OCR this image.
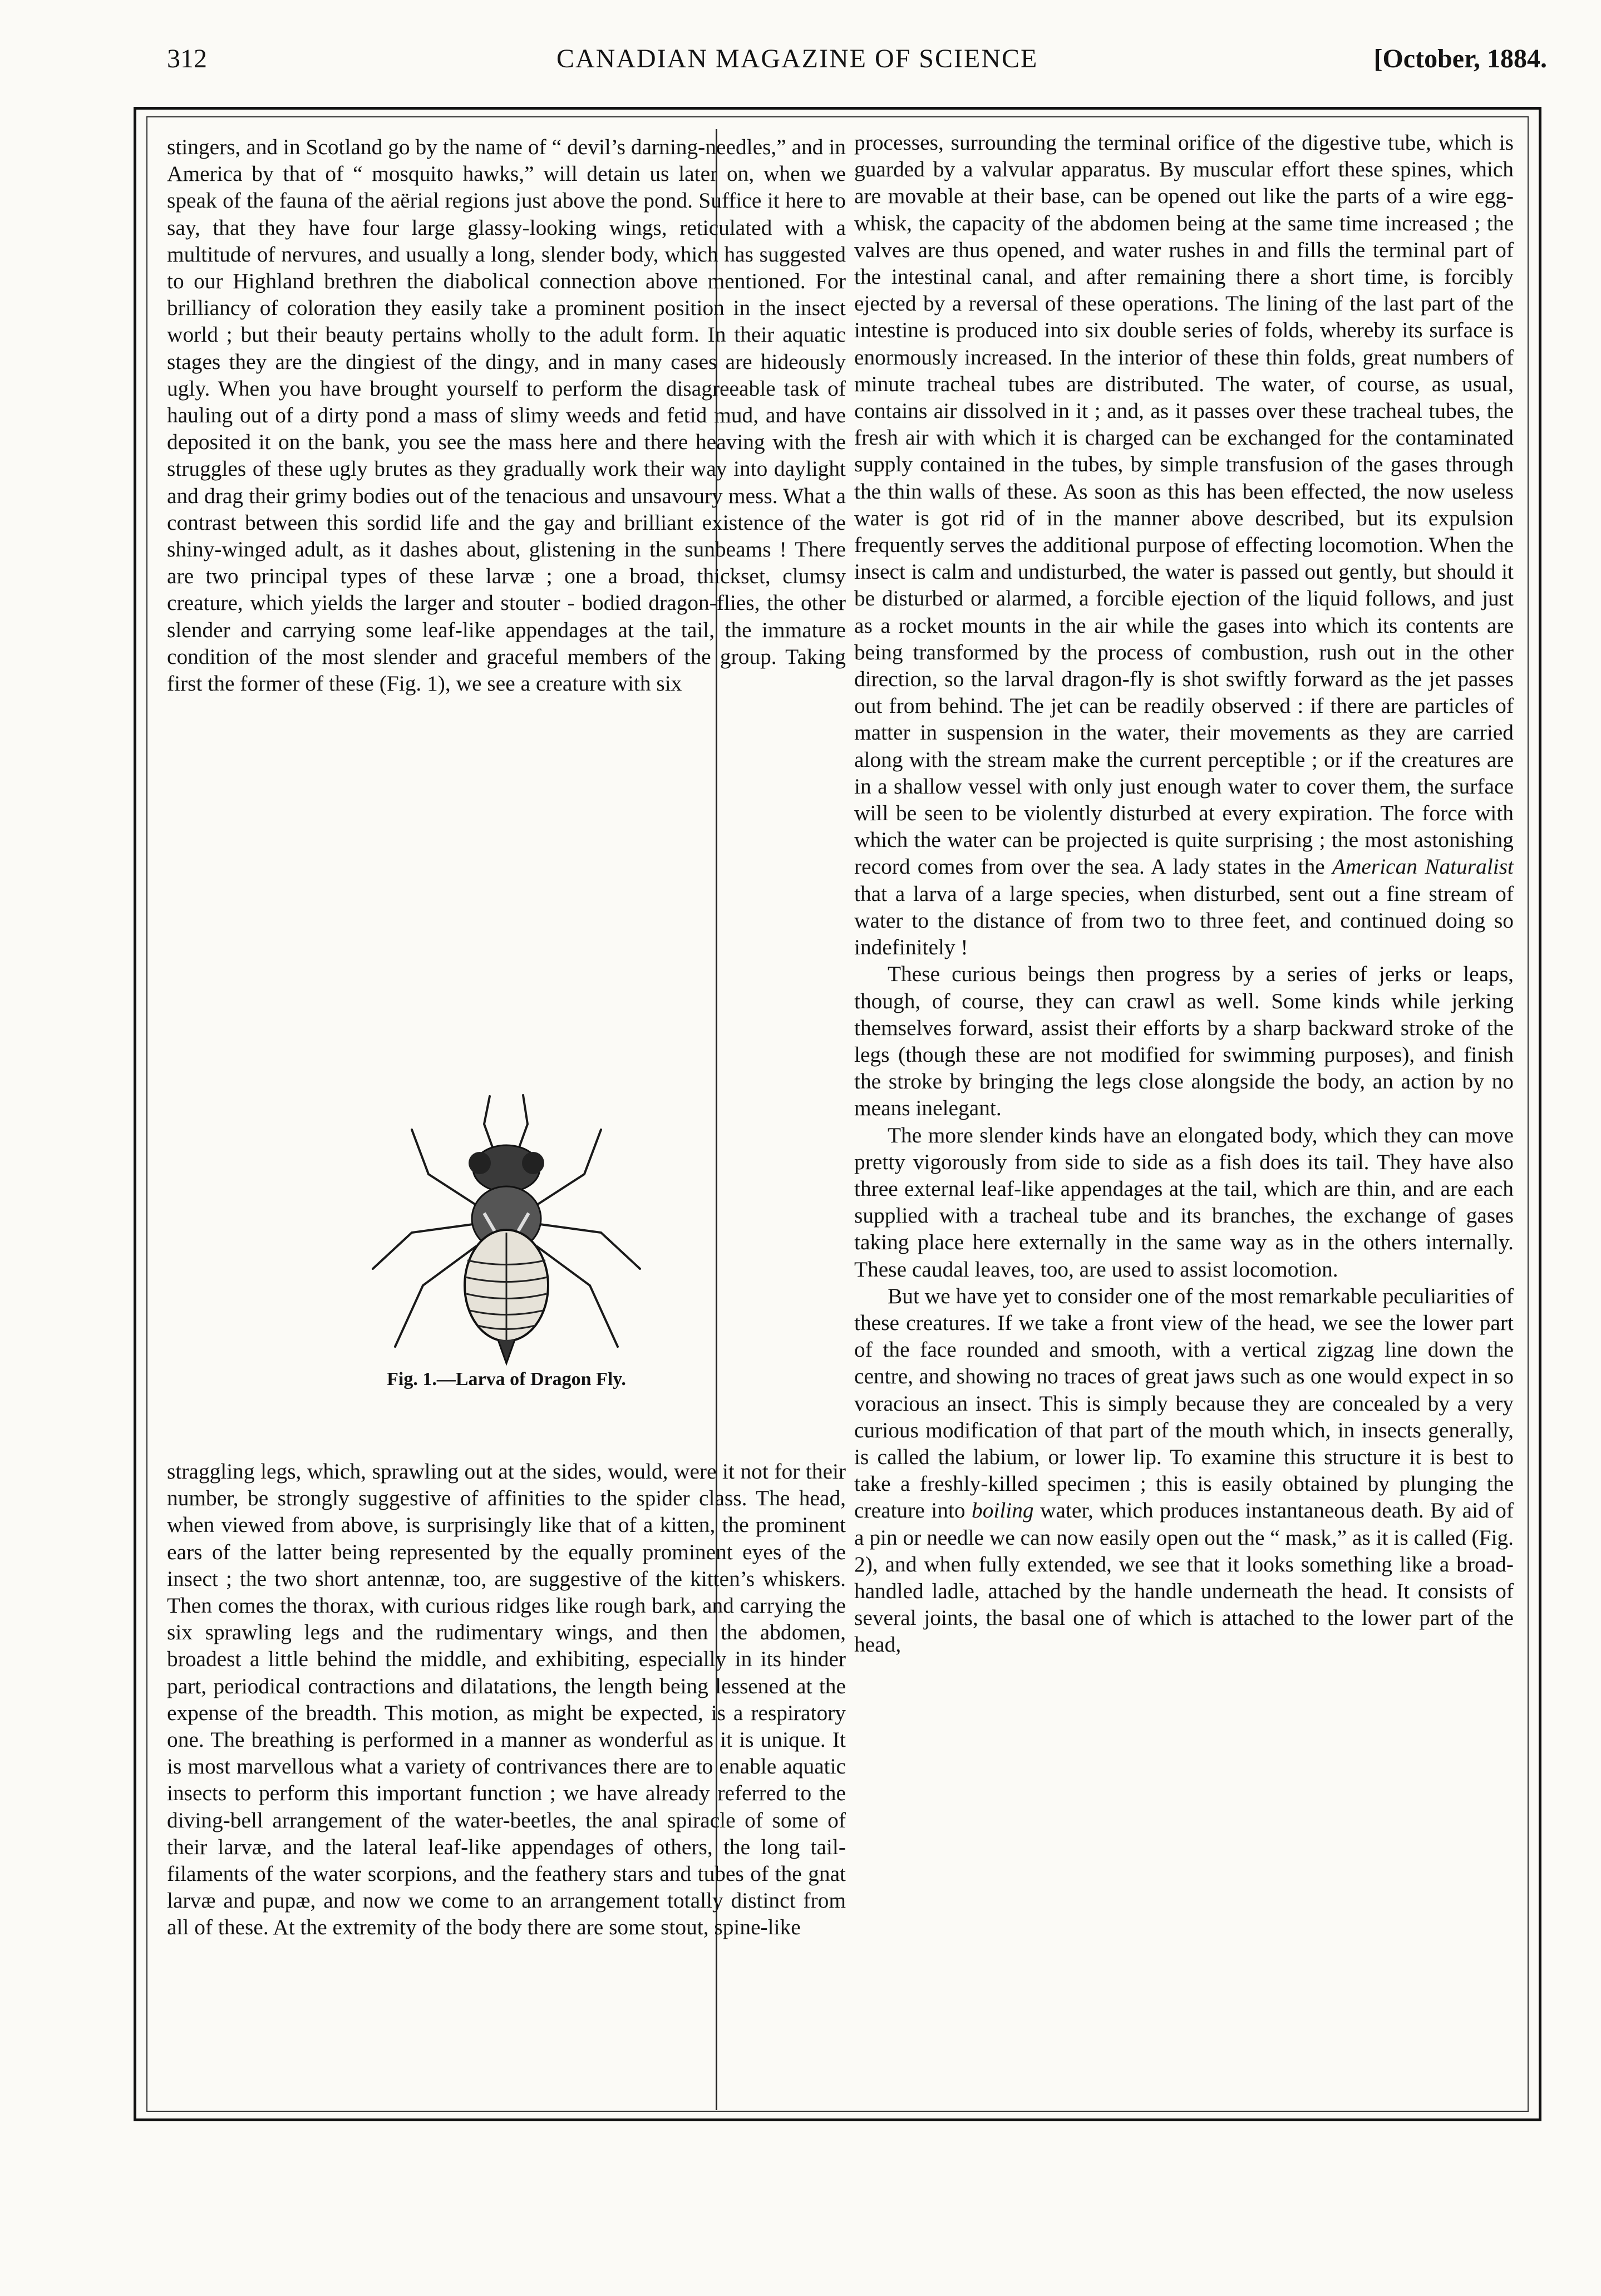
312	CANADIAN MAGAZINE OF SCIENCE	[October, 1884.

stingers, and in Scotland go by the name of “ devil’s darning-needles,” and in America by that of “ mosquito hawks,” will detain us later on, when we speak of the fauna of the aërial regions just above the pond. Suffice it here to say, that they have four large glassy-looking wings, reticulated with a multitude of nervures, and usually a long, slender body, which has suggested to our Highland brethren the diabolical connection above mentioned. For brilliancy of coloration they easily take a prominent position in the insect world ; but their beauty pertains wholly to the adult form. In their aquatic stages they are the dingiest of the dingy, and in many cases are hideously ugly. When you have brought yourself to perform the disagreeable task of hauling out of a dirty pond a mass of slimy weeds and fetid mud, and have deposited it on the bank, you see the mass here and there heaving with the struggles of these ugly brutes as they gradually work their way into daylight and drag their grimy bodies out of the tenacious and unsavoury mess. What a contrast between this sordid life and the gay and brilliant existence of the shiny-winged adult, as it dashes about, glistening in the sunbeams ! There are two principal types of these larvæ ; one a broad, thickset, clumsy creature, which yields the larger and stouter - bodied dragon-flies, the other slender and carrying some leaf-like appendages at the tail, the immature condition of the most slender and graceful members of the group. Taking first the former of these (Fig. 1), we see a creature with six

Fig. 1.—Larva of Dragon Fly.

straggling legs, which, sprawling out at the sides, would, were it not for their number, be strongly suggestive of affinities to the spider class. The head, when viewed from above, is surprisingly like that of a kitten, the prominent ears of the latter being represented by the equally prominent eyes of the insect ; the two short antennæ, too, are suggestive of the kitten’s whiskers. Then comes the thorax, with curious ridges like rough bark, and carrying the six sprawling legs and the rudimentary wings, and then the abdomen, broadest a little behind the middle, and exhibiting, especially in its hinder part, periodical contractions and dilatations, the length being lessened at the expense of the breadth. This motion, as might be expected, is a respiratory one. The breathing is performed in a manner as wonderful as it is unique. It is most marvellous what a variety of contrivances there are to enable aquatic insects to perform this important function ; we have already referred to the diving-bell arrangement of the water-beetles, the anal spiracle of some of their larvæ, and the lateral leaf-like appendages of others, the long tail-filaments of the water scorpions, and the feathery stars and tubes of the gnat larvæ and pupæ, and now we come to an arrangement totally distinct from all of these. At the extremity of the body there are some stout, spine-like

processes, surrounding the terminal orifice of the digestive tube, which is guarded by a valvular apparatus. By muscular effort these spines, which are movable at their base, can be opened out like the parts of a wire egg-whisk, the capacity of the abdomen being at the same time increased ; the valves are thus opened, and water rushes in and fills the terminal part of the intestinal canal, and after remaining there a short time, is forcibly ejected by a reversal of these operations. The lining of the last part of the intestine is produced into six double series of folds, whereby its surface is enormously increased. In the interior of these thin folds, great numbers of minute tracheal tubes are distributed. The water, of course, as usual, contains air dissolved in it ; and, as it passes over these tracheal tubes, the fresh air with which it is charged can be exchanged for the contaminated supply contained in the tubes, by simple transfusion of the gases through the thin walls of these. As soon as this has been effected, the now useless water is got rid of in the manner above described, but its expulsion frequently serves the additional purpose of effecting locomotion. When the insect is calm and undisturbed, the water is passed out gently, but should it be disturbed or alarmed, a forcible ejection of the liquid follows, and just as a rocket mounts in the air while the gases into which its contents are being transformed by the process of combustion, rush out in the other direction, so the larval dragon-fly is shot swiftly forward as the jet passes out from behind. The jet can be readily observed : if there are particles of matter in suspension in the water, their movements as they are carried along with the stream make the current perceptible ; or if the creatures are in a shallow vessel with only just enough water to cover them, the surface will be seen to be violently disturbed at every expiration. The force with which the water can be projected is quite surprising ; the most astonishing record comes from over the sea. A lady states in the American Naturalist that a larva of a large species, when disturbed, sent out a fine stream of water to the distance of from two to three feet, and continued doing so indefinitely !

These curious beings then progress by a series of jerks or leaps, though, of course, they can crawl as well. Some kinds while jerking themselves forward, assist their efforts by a sharp backward stroke of the legs (though these are not modified for swimming purposes), and finish the stroke by bringing the legs close alongside the body, an action by no means inelegant.

The more slender kinds have an elongated body, which they can move pretty vigorously from side to side as a fish does its tail. They have also three external leaf-like appendages at the tail, which are thin, and are each supplied with a tracheal tube and its branches, the exchange of gases taking place here externally in the same way as in the others internally. These caudal leaves, too, are used to assist locomotion.

But we have yet to consider one of the most remarkable peculiarities of these creatures. If we take a front view of the head, we see the lower part of the face rounded and smooth, with a vertical zigzag line down the centre, and showing no traces of great jaws such as one would expect in so voracious an insect. This is simply because they are concealed by a very curious modification of that part of the mouth which, in insects generally, is called the labium, or lower lip. To examine this structure it is best to take a freshly-killed specimen ; this is easily obtained by plunging the creature into boiling water, which produces instantaneous death. By aid of a pin or needle we can now easily open out the “ mask,” as it is called (Fig. 2), and when fully extended, we see that it looks something like a broad-handled ladle, attached by the handle underneath the head. It consists of several joints, the basal one of which is attached to the lower part of the head,
